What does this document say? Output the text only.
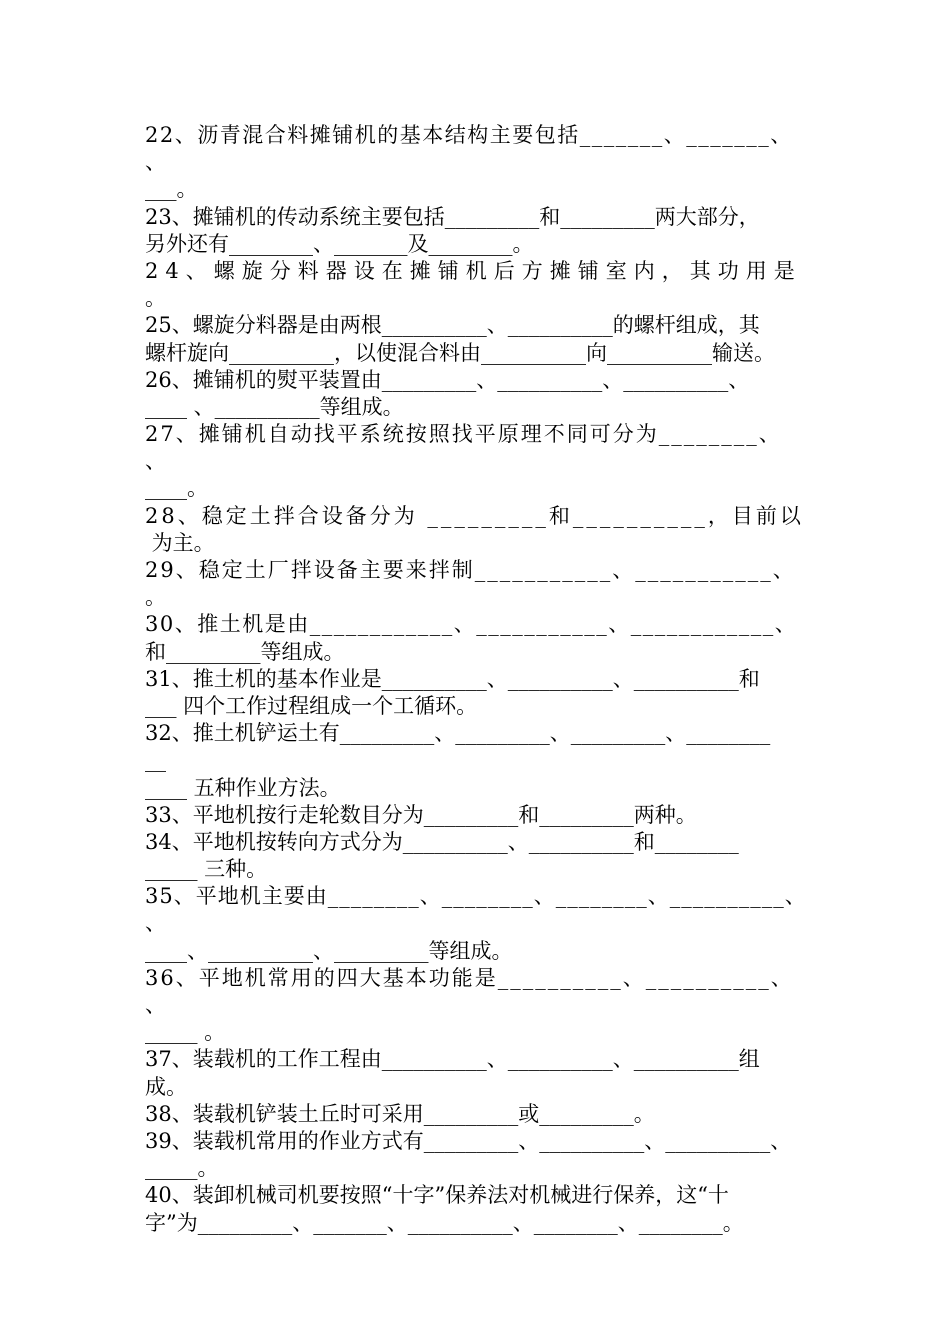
22、沥青混合料摊铺机的基本结构主要包括_______、_______、
、
___。
23、摊铺机的传动系统主要包括_________和_________两大部分，
另外还有________、_______及________。
24、螺旋分料器设在摊铺机后方摊铺室内，其功用是
。
25、螺旋分料器是由两根__________、__________的螺杆组成，其
螺杆旋向__________，以使混合料由__________向__________输送。
26、摊铺机的熨平装置由_________、__________、__________、
____ 、__________等组成。
27、摊铺机自动找平系统按照找平原理不同可分为________、
、
____。
28、稳定土拌合设备分为 _________和__________，目前以
为主。
29、稳定土厂拌设备主要来拌制___________、___________、
。
30、推土机是由____________、___________、____________、
和_________等组成。
31、推土机的基本作业是__________、__________、__________和
___ 四个工作过程组成一个工循环。
32、推土机铲运土有_________、_________、_________、________
__
____ 五种作业方法。
33、平地机按行走轮数目分为_________和_________两种。
34、平地机按转向方式分为__________、__________和________
_____ 三种。
35、平地机主要由________、________、________、__________、
、
____、__________、_________等组成。
36、平地机常用的四大基本功能是__________、__________、
、
_____ 。
37、装载机的工作工程由__________、__________、__________组
成。
38、装载机铲装土丘时可采用_________或_________。
39、装载机常用的作业方式有_________、__________、__________、
_____。
40、装卸机械司机要按照“十字”保养法对机械进行保养，这“十
字”为_________、_______、__________、________、________。
